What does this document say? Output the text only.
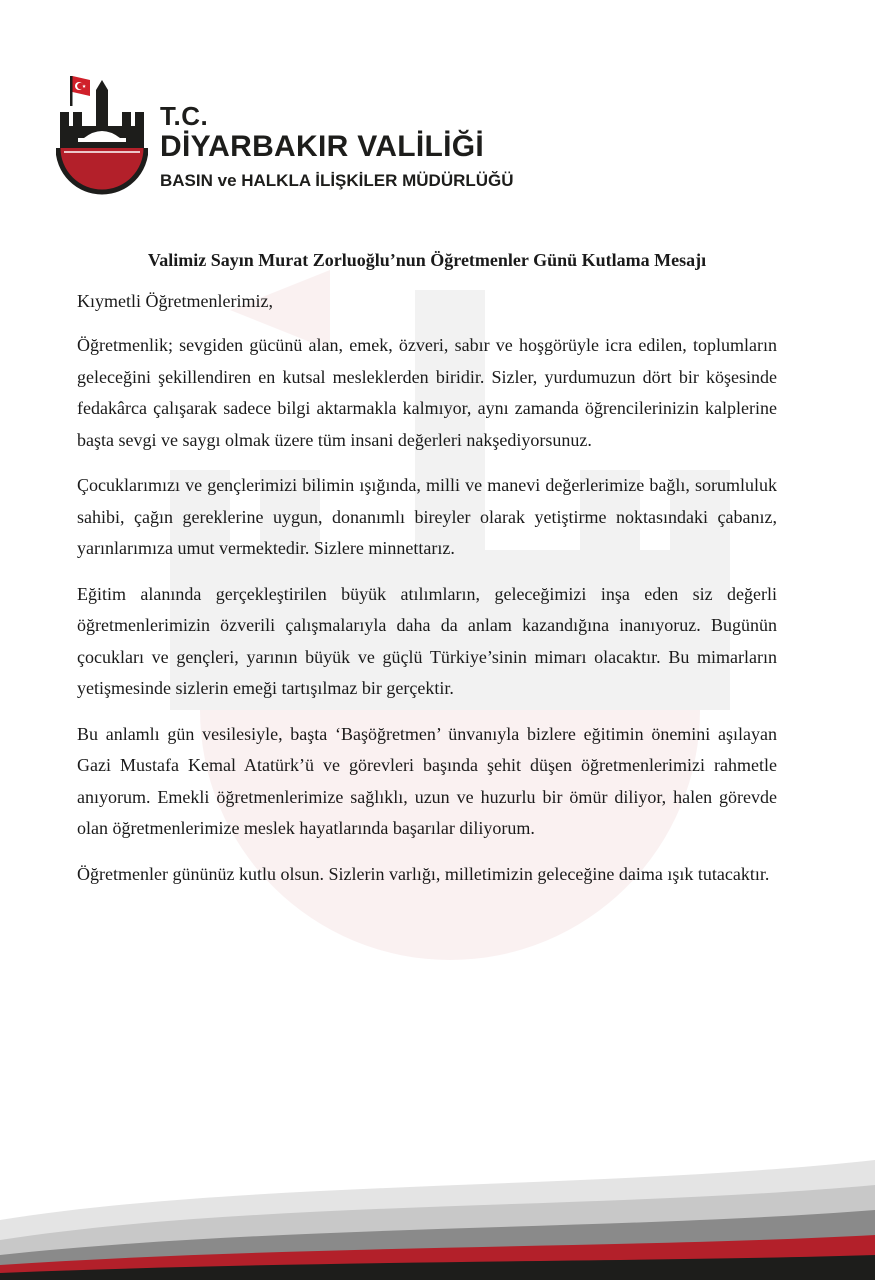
T.C.
DİYARBAKIR VALİLİĞİ
BASIN ve HALKLA İLİŞKİLER MÜDÜRLÜĞÜ

Valimiz Sayın Murat Zorluoğlu’nun Öğretmenler Günü Kutlama Mesajı

Kıymetli Öğretmenlerimiz,

Öğretmenlik; sevgiden gücünü alan, emek, özveri, sabır ve hoşgörüyle icra edilen, toplumların geleceğini şekillendiren en kutsal mesleklerden biridir. Sizler, yurdumuzun dört bir köşesinde fedakârca çalışarak sadece bilgi aktarmakla kalmıyor, aynı zamanda öğrencilerinizin kalplerine başta sevgi ve saygı olmak üzere tüm insani değerleri nakşediyorsunuz.

Çocuklarımızı ve gençlerimizi bilimin ışığında, milli ve manevi değerlerimize bağlı, sorumluluk sahibi, çağın gereklerine uygun, donanımlı bireyler olarak yetiştirme noktasındaki çabanız, yarınlarımıza umut vermektedir. Sizlere minnettarız.

Eğitim alanında gerçekleştirilen büyük atılımların, geleceğimizi inşa eden siz değerli öğretmenlerimizin özverili çalışmalarıyla daha da anlam kazandığına inanıyoruz. Bugünün çocukları ve gençleri, yarının büyük ve güçlü Türkiye’sinin mimarı olacaktır. Bu mimarların yetişmesinde sizlerin emeği tartışılmaz bir gerçektir.

Bu anlamlı gün vesilesiyle, başta ‘Başöğretmen’ ünvanıyla bizlere eğitimin önemini aşılayan Gazi Mustafa Kemal Atatürk’ü ve görevleri başında şehit düşen öğretmenlerimizi rahmetle anıyorum. Emekli öğretmenlerimize sağlıklı, uzun ve huzurlu bir ömür diliyor, halen görevde olan öğretmenlerimize meslek hayatlarında başarılar diliyorum.

Öğretmenler gününüz kutlu olsun. Sizlerin varlığı, milletimizin geleceğine daima ışık tutacaktır.
